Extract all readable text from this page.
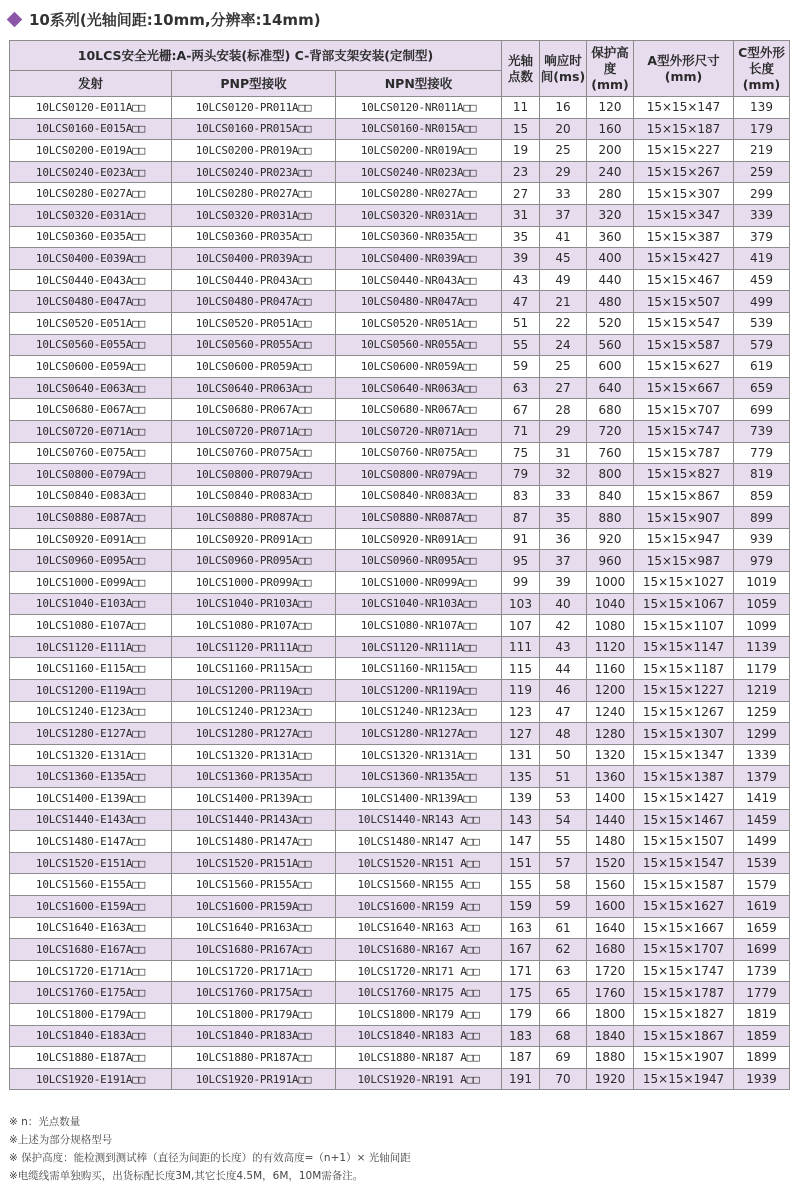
10系列(光轴间距:10mm,分辨率:14mm)
10LCS安全光栅:A-两头安装(标准型) C-背部支架安装(定制型)			光轴点数	响应时间(ms)	保护高度(mm)	A型外形尺寸(mm)	C型外形长度(mm)
发射	PNP型接收	NPN型接收					
10LCS0120-E011A□□	10LCS0120-PR011A□□	10LCS0120-NR011A□□	11	16	120	15×15×147	139
10LCS0160-E015A□□	10LCS0160-PR015A□□	10LCS0160-NR015A□□	15	20	160	15×15×187	179
10LCS0200-E019A□□	10LCS0200-PR019A□□	10LCS0200-NR019A□□	19	25	200	15×15×227	219
10LCS0240-E023A□□	10LCS0240-PR023A□□	10LCS0240-NR023A□□	23	29	240	15×15×267	259
10LCS0280-E027A□□	10LCS0280-PR027A□□	10LCS0280-NR027A□□	27	33	280	15×15×307	299
10LCS0320-E031A□□	10LCS0320-PR031A□□	10LCS0320-NR031A□□	31	37	320	15×15×347	339
10LCS0360-E035A□□	10LCS0360-PR035A□□	10LCS0360-NR035A□□	35	41	360	15×15×387	379
10LCS0400-E039A□□	10LCS0400-PR039A□□	10LCS0400-NR039A□□	39	45	400	15×15×427	419
10LCS0440-E043A□□	10LCS0440-PR043A□□	10LCS0440-NR043A□□	43	49	440	15×15×467	459
10LCS0480-E047A□□	10LCS0480-PR047A□□	10LCS0480-NR047A□□	47	21	480	15×15×507	499
10LCS0520-E051A□□	10LCS0520-PR051A□□	10LCS0520-NR051A□□	51	22	520	15×15×547	539
10LCS0560-E055A□□	10LCS0560-PR055A□□	10LCS0560-NR055A□□	55	24	560	15×15×587	579
10LCS0600-E059A□□	10LCS0600-PR059A□□	10LCS0600-NR059A□□	59	25	600	15×15×627	619
10LCS0640-E063A□□	10LCS0640-PR063A□□	10LCS0640-NR063A□□	63	27	640	15×15×667	659
10LCS0680-E067A□□	10LCS0680-PR067A□□	10LCS0680-NR067A□□	67	28	680	15×15×707	699
10LCS0720-E071A□□	10LCS0720-PR071A□□	10LCS0720-NR071A□□	71	29	720	15×15×747	739
10LCS0760-E075A□□	10LCS0760-PR075A□□	10LCS0760-NR075A□□	75	31	760	15×15×787	779
10LCS0800-E079A□□	10LCS0800-PR079A□□	10LCS0800-NR079A□□	79	32	800	15×15×827	819
10LCS0840-E083A□□	10LCS0840-PR083A□□	10LCS0840-NR083A□□	83	33	840	15×15×867	859
10LCS0880-E087A□□	10LCS0880-PR087A□□	10LCS0880-NR087A□□	87	35	880	15×15×907	899
10LCS0920-E091A□□	10LCS0920-PR091A□□	10LCS0920-NR091A□□	91	36	920	15×15×947	939
10LCS0960-E095A□□	10LCS0960-PR095A□□	10LCS0960-NR095A□□	95	37	960	15×15×987	979
10LCS1000-E099A□□	10LCS1000-PR099A□□	10LCS1000-NR099A□□	99	39	1000	15×15×1027	1019
10LCS1040-E103A□□	10LCS1040-PR103A□□	10LCS1040-NR103A□□	103	40	1040	15×15×1067	1059
10LCS1080-E107A□□	10LCS1080-PR107A□□	10LCS1080-NR107A□□	107	42	1080	15×15×1107	1099
10LCS1120-E111A□□	10LCS1120-PR111A□□	10LCS1120-NR111A□□	111	43	1120	15×15×1147	1139
10LCS1160-E115A□□	10LCS1160-PR115A□□	10LCS1160-NR115A□□	115	44	1160	15×15×1187	1179
10LCS1200-E119A□□	10LCS1200-PR119A□□	10LCS1200-NR119A□□	119	46	1200	15×15×1227	1219
10LCS1240-E123A□□	10LCS1240-PR123A□□	10LCS1240-NR123A□□	123	47	1240	15×15×1267	1259
10LCS1280-E127A□□	10LCS1280-PR127A□□	10LCS1280-NR127A□□	127	48	1280	15×15×1307	1299
10LCS1320-E131A□□	10LCS1320-PR131A□□	10LCS1320-NR131A□□	131	50	1320	15×15×1347	1339
10LCS1360-E135A□□	10LCS1360-PR135A□□	10LCS1360-NR135A□□	135	51	1360	15×15×1387	1379
10LCS1400-E139A□□	10LCS1400-PR139A□□	10LCS1400-NR139A□□	139	53	1400	15×15×1427	1419
10LCS1440-E143A□□	10LCS1440-PR143A□□	10LCS1440-NR143 A□□	143	54	1440	15×15×1467	1459
10LCS1480-E147A□□	10LCS1480-PR147A□□	10LCS1480-NR147 A□□	147	55	1480	15×15×1507	1499
10LCS1520-E151A□□	10LCS1520-PR151A□□	10LCS1520-NR151 A□□	151	57	1520	15×15×1547	1539
10LCS1560-E155A□□	10LCS1560-PR155A□□	10LCS1560-NR155 A□□	155	58	1560	15×15×1587	1579
10LCS1600-E159A□□	10LCS1600-PR159A□□	10LCS1600-NR159 A□□	159	59	1600	15×15×1627	1619
10LCS1640-E163A□□	10LCS1640-PR163A□□	10LCS1640-NR163 A□□	163	61	1640	15×15×1667	1659
10LCS1680-E167A□□	10LCS1680-PR167A□□	10LCS1680-NR167 A□□	167	62	1680	15×15×1707	1699
10LCS1720-E171A□□	10LCS1720-PR171A□□	10LCS1720-NR171 A□□	171	63	1720	15×15×1747	1739
10LCS1760-E175A□□	10LCS1760-PR175A□□	10LCS1760-NR175 A□□	175	65	1760	15×15×1787	1779
10LCS1800-E179A□□	10LCS1800-PR179A□□	10LCS1800-NR179 A□□	179	66	1800	15×15×1827	1819
10LCS1840-E183A□□	10LCS1840-PR183A□□	10LCS1840-NR183 A□□	183	68	1840	15×15×1867	1859
10LCS1880-E187A□□	10LCS1880-PR187A□□	10LCS1880-NR187 A□□	187	69	1880	15×15×1907	1899
10LCS1920-E191A□□	10LCS1920-PR191A□□	10LCS1920-NR191 A□□	191	70	1920	15×15×1947	1939
※ n：光点数量
※上述为部分规格型号
※ 保护高度：能检测到测试棒（直径为间距的长度）的有效高度=（n+1）× 光轴间距
※电缆线需单独购买，出货标配长度3M,其它长度4.5M，6M，10M需备注。
